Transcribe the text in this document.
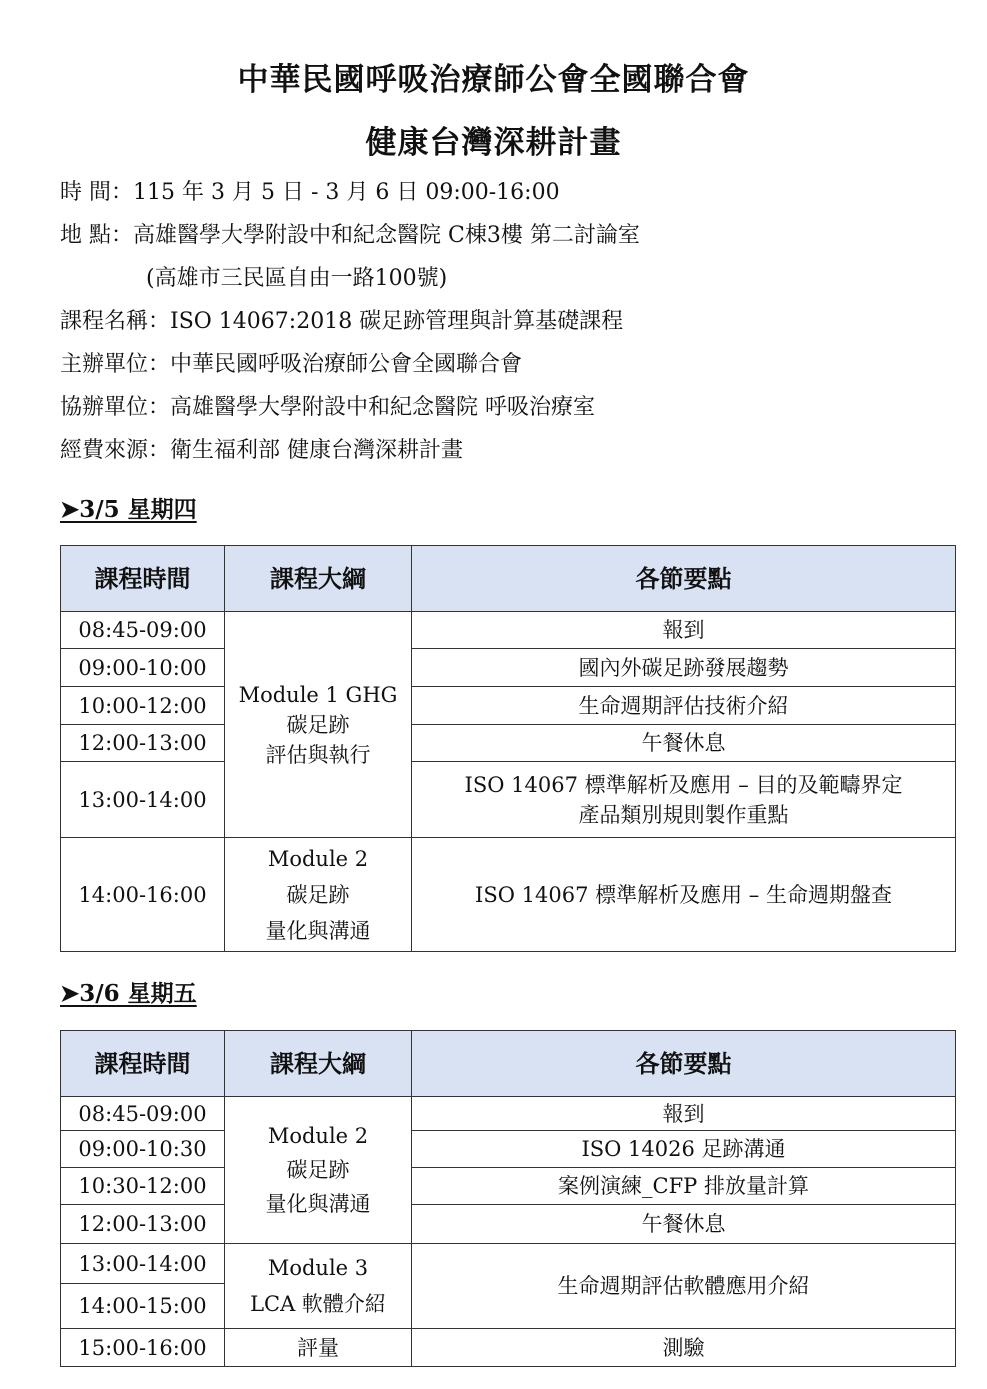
中華民國呼吸治療師公會全國聯合會
健康台灣深耕計畫
時 間：115 年 3 月 5 日 - 3 月 6 日 09:00-16:00
地 點：高雄醫學大學附設中和紀念醫院 C棟3樓 第二討論室
(高雄市三民區自由一路100號)
課程名稱：ISO 14067:2018 碳足跡管理與計算基礎課程
主辦單位：中華民國呼吸治療師公會全國聯合會
協辦單位：高雄醫學大學附設中和紀念醫院 呼吸治療室
經費來源：衛生福利部 健康台灣深耕計畫
➤3/5 星期四
課程時間	課程大綱	各節要點
08:45-09:00	Module 1 GHG
碳足跡
評估與執行	報到
09:00-10:00		國內外碳足跡發展趨勢
10:00-12:00		生命週期評估技術介紹
12:00-13:00		午餐休息
13:00-14:00		ISO 14067 標準解析及應用 – 目的及範疇界定
產品類別規則製作重點

14:00-16:00	Module 2
碳足跡
量化與溝通	ISO 14067 標準解析及應用 – 生命週期盤查
➤3/6 星期五
課程時間	課程大綱	各節要點
08:45-09:00	Module 2
碳足跡
量化與溝通	報到
09:00-10:30		ISO 14026 足跡溝通
10:30-12:00		案例演練_CFP 排放量計算
12:00-13:00		午餐休息
13:00-14:00	Module 3
LCA 軟體介紹	生命週期評估軟體應用介紹
14:00-15:00		
15:00-16:00	評量	測驗
